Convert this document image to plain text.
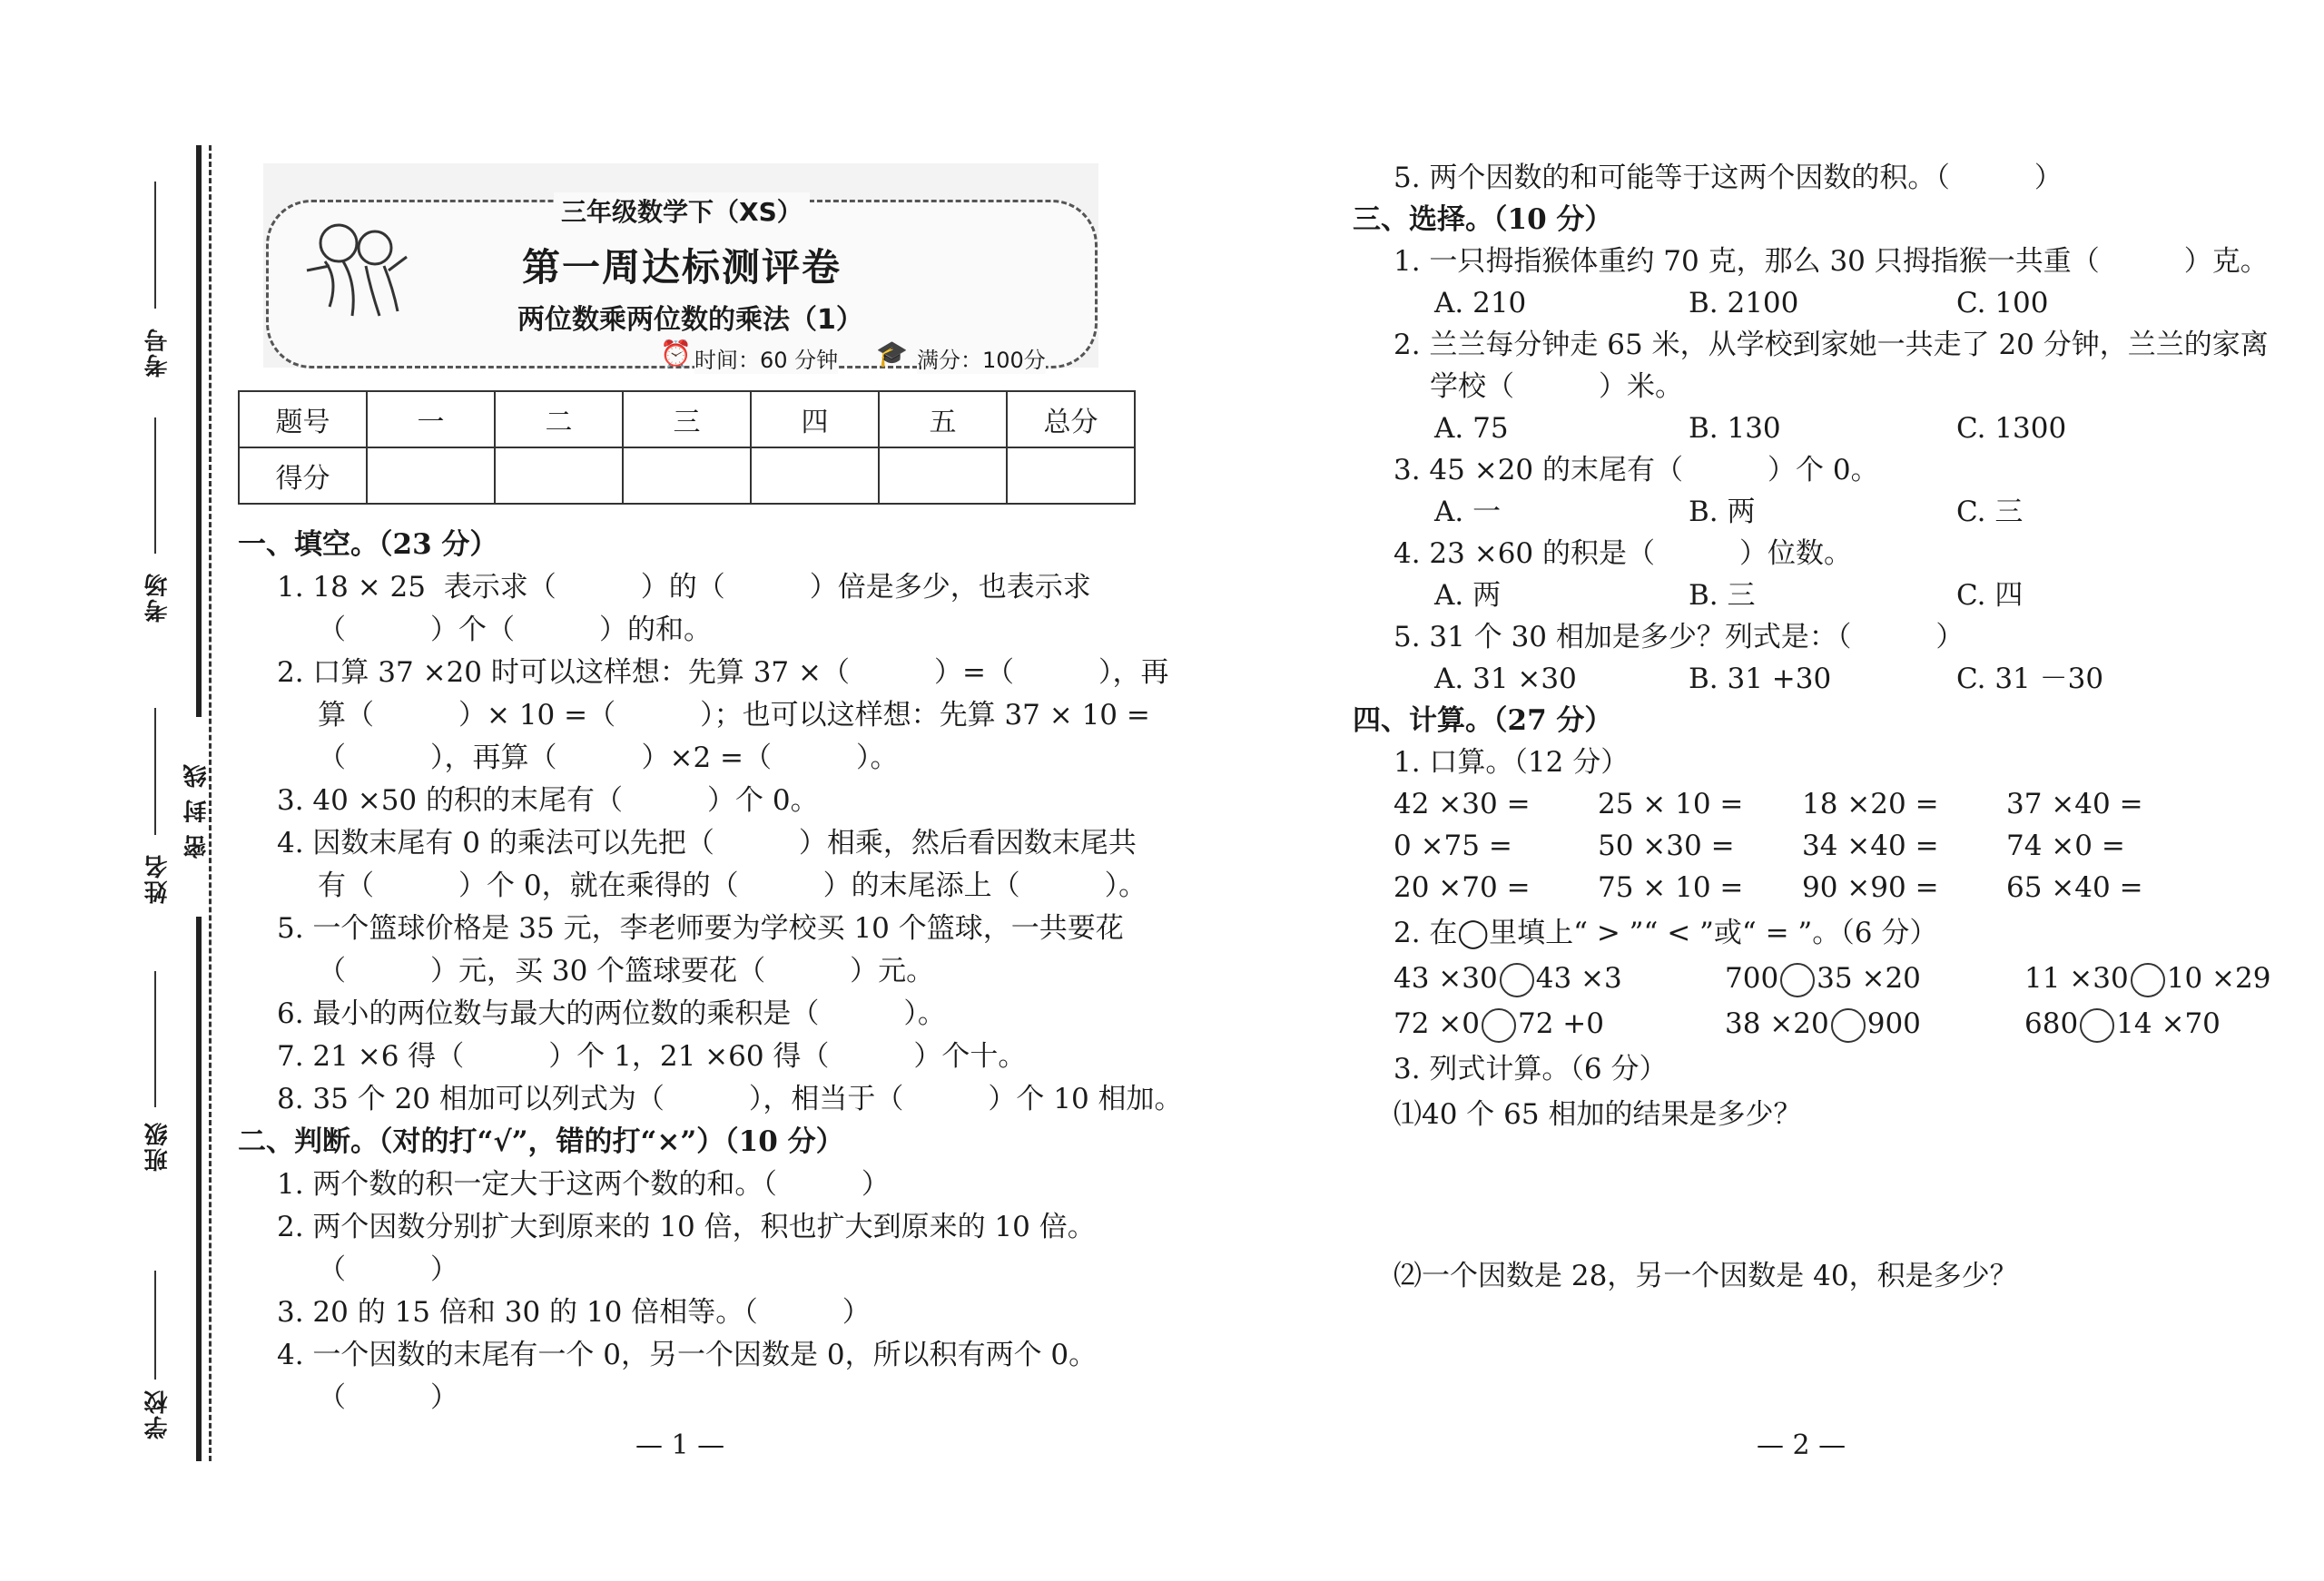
考号
考场
姓名
密 封 线
班级
学校
三年级数学下（XS）
第一周达标测评卷
两位数乘两位数的乘法（1）
⏰ 时间：60 分钟 🎓 满分：100分
题号	一	二	三	四	五	总分
得分						
一、填空。（23 分）
1. 18 × 25  表示求（　　　）的（　　　）倍是多少，也表示求
（　　　）个（　　　）的和。
2. 口算 37 ×20 时可以这样想：先算 37 ×（　　　）=（　　　），再
算（　　　）× 10 =（　　　）；也可以这样想：先算 37 × 10 =
（　　　），再算（　　　）×2 =（　　　）。
3. 40 ×50 的积的末尾有（　　　）个 0。
4. 因数末尾有 0 的乘法可以先把（　　　）相乘，然后看因数末尾共
有（　　　）个 0，就在乘得的（　　　）的末尾添上（　　　）。
5. 一个篮球价格是 35 元，李老师要为学校买 10 个篮球，一共要花
（　　　）元，买 30 个篮球要花（　　　）元。
6. 最小的两位数与最大的两位数的乘积是（　　　）。
7. 21 ×6 得（　　　）个 1，21 ×60 得（　　　）个十。
8. 35 个 20 相加可以列式为（　　　），相当于（　　　）个 10 相加。
二、判断。（对的打“√”，错的打“×”）（10 分）
1. 两个数的积一定大于这两个数的和。（　　　）
2. 两个因数分别扩大到原来的 10 倍，积也扩大到原来的 10 倍。
（　　　）
3. 20 的 15 倍和 30 的 10 倍相等。（　　　）
4. 一个因数的末尾有一个 0，另一个因数是 0，所以积有两个 0。
（　　　）
— 1 —
5. 两个因数的和可能等于这两个因数的积。（　　　）
三、选择。（10 分）
1. 一只拇指猴体重约 70 克，那么 30 只拇指猴一共重（　　　）克。
A. 210	B. 2100	C. 100
2. 兰兰每分钟走 65 米，从学校到家她一共走了 20 分钟，兰兰的家离
学校（　　　）米。
A. 75	B. 130	C. 1300
3. 45 ×20 的末尾有（　　　）个 0。
A. 一	B. 两	C. 三
4. 23 ×60 的积是（　　　）位数。
A. 两	B. 三	C. 四
5. 31 个 30 相加是多少？列式是：（　　　）
A. 31 ×30	B. 31 +30	C. 31 －30
四、计算。（27 分）
1. 口算。（12 分）
42 ×30 = 25 × 10 = 18 ×20 = 37 ×40 =
0 ×75 =	50 ×30 = 34 ×40 = 74 ×0 =
20 ×70 = 75 × 10 = 90 ×90 = 65 ×40 =
2. 在◯里填上“ > ”“ < ”或“ = ”。（6 分）
43 ×30 43 ×3	700 35 ×20	11 ×30 10 ×29
72 ×0 72 +0	38 ×20 900	680 14 ×70
3. 列式计算。（6 分）
⑴40 个 65 相加的结果是多少？
⑵一个因数是 28，另一个因数是 40，积是多少？
— 2 —
